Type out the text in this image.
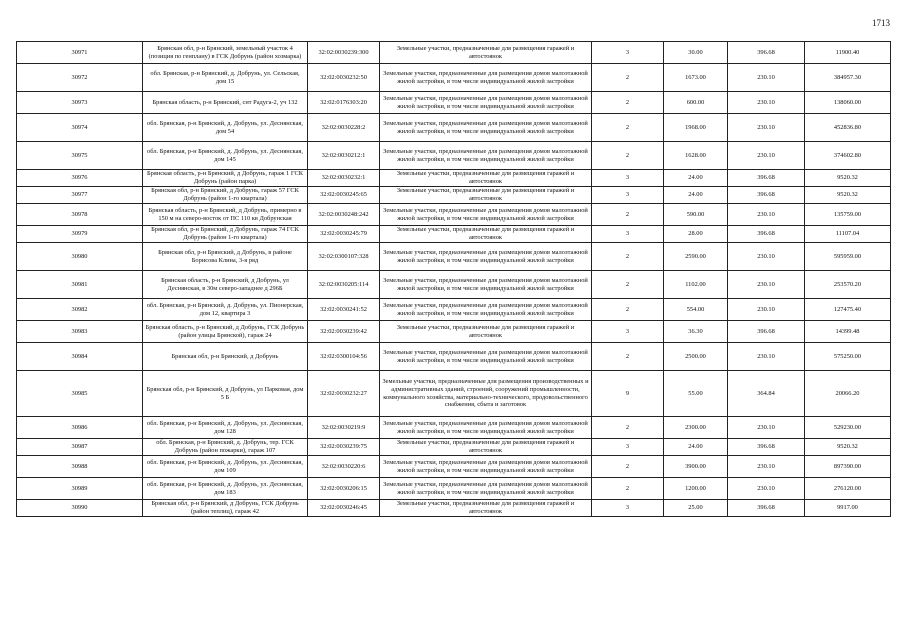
1713
30971	Брянская обл, р-н Брянский, земельный участок 4 (позиция по генплану) в ГСК Добрунь (район хозмарка)	32:02:0030239:300	Земельные участки, предназначенные для размещения гаражей и автостоянок	3	30.00	396.68	11900.40
30972	обл. Брянская, р-н Брянский, д. Добрунь, ул. Сельская, дом 15	32:02:0030232:50	Земельные участки, предназначенные для размещения домов малоэтажной жилой застройки, в том числе индивидуальной жилой застройки	2	1673.00	230.10	384957.30
30973	Брянская область, р-н Брянский, снт Радуга-2, уч 132	32:02:0176303:20	Земельные участки, предназначенные для размещения домов малоэтажной жилой застройки, в том числе индивидуальной жилой застройки	2	600.00	230.10	138060.00
30974	обл. Брянская, р-н Брянский, д. Добрунь, ул. Деснянская, дом 54	32:02:0030228:2	Земельные участки, предназначенные для размещения домов малоэтажной жилой застройки, в том числе индивидуальной жилой застройки	2	1968.00	230.10	452836.80
30975	обл. Брянская, р-н Брянский, д. Добрунь, ул. Деснянская, дом 145	32:02:0030212:1	Земельные участки, предназначенные для размещения домов малоэтажной жилой застройки, в том числе индивидуальной жилой застройки	2	1628.00	230.10	374602.80
30976	Брянская область, р-н Брянский, д Добрунь, гараж 1 ГСК Добрунь (район парка)	32:02:0030232:1	Земельные участки, предназначенные для размещения гаражей и автостоянок	3	24.00	396.68	9520.32
30977	Брянская обл, р-н Брянский, д Добрунь, гараж 57 ГСК Добрунь (район 1-го квартала)	32:02:0030245:65	Земельные участки, предназначенные для размещения гаражей и автостоянок	3	24.00	396.68	9520.32
30978	Брянская область, р-н Брянский, д Добрунь, примерно в 150 м на северо-восток от ПС 110 кв Добрунская	32:02:0030248:242	Земельные участки, предназначенные для размещения домов малоэтажной жилой застройки, в том числе индивидуальной жилой застройки	2	590.00	230.10	135759.00
30979	Брянская обл, р-н Брянский, д Добрунь, гараж 74 ГСК Добрунь (район 1-го квартала)	32:02:0030245:79	Земельные участки, предназначенные для размещения гаражей и автостоянок	3	28.00	396.68	11107.04
30980	Брянская обл, р-н Брянский, д Добрунь, в районе Борисова Клина, 3-я ряд	32:02:0300107:328	Земельные участки, предназначенные для размещения домов малоэтажной жилой застройки, в том числе индивидуальной жилой застройки	2	2590.00	230.10	595959.00
30981	Брянская область, р-н Брянский, д Добрунь, ул Деснянская, в 30м северо-западнее д 296Б	32:02:0030205:114	Земельные участки, предназначенные для размещения домов малоэтажной жилой застройки, в том числе индивидуальной жилой застройки	2	1102.00	230.10	253570.20
30982	обл. Брянская, р-н Брянский, д. Добрунь, ул. Пионерская, дом 12, квартира 3	32:02:0030241:52	Земельные участки, предназначенные для размещения домов малоэтажной жилой застройки, в том числе индивидуальной жилой застройки	2	554.00	230.10	127475.40
30983	Брянская область, р-н Брянский, д Добрунь, ГСК Добрунь (район улицы Брянской), гараж 24	32:02:0030239:42	Земельные участки, предназначенные для размещения гаражей и автостоянок	3	36.30	396.68	14399.48
30984	Брянская обл, р-н Брянский, д Добрунь	32:02:0300104:56	Земельные участки, предназначенные для размещения домов малоэтажной жилой застройки, в том числе индивидуальной жилой застройки	2	2500.00	230.10	575250.00
30985	Брянская обл, р-н Брянский, д Добрунь, ул Парковая, дом 5 Б	32:02:0030232:27	Земельные участки, предназначенные для размещения производственных и административных зданий, строений, сооружений промышленности, коммунального хозяйства, материально-технического, продовольственного снабжения, сбыта и заготовок	9	55.00	364.84	20066.20
30986	обл. Брянская, р-н Брянский, д. Добрунь, ул. Деснянская, дом 128	32:02:0030219:9	Земельные участки, предназначенные для размещения домов малоэтажной жилой застройки, в том числе индивидуальной жилой застройки	2	2300.00	230.10	529230.00
30987	обл. Брянская, р-н Брянский, д. Добрунь, тер. ГСК Добрунь (район пожарки), гараж 107	32:02:0030239:75	Земельные участки, предназначенные для размещения гаражей и автостоянок	3	24.00	396.68	9520.32
30988	обл. Брянская, р-н Брянский, д. Добрунь, ул. Деснянская, дом 109	32:02:0030220:6	Земельные участки, предназначенные для размещения домов малоэтажной жилой застройки, в том числе индивидуальной жилой застройки	2	3900.00	230.10	897390.00
30989	обл. Брянская, р-н Брянский, д. Добрунь, ул. Деснянская, дом 183	32:02:0030206:15	Земельные участки, предназначенные для размещения домов малоэтажной жилой застройки, в том числе индивидуальной жилой застройки	2	1200.00	230.10	276120.00
30990	Брянская обл, р-н Брянский, д Добрунь, ГСК Добрунь (район теплиц), гараж 42	32:02:0030246:45	Земельные участки, предназначенные для размещения гаражей и автостоянок	3	25.00	396.68	9917.00
